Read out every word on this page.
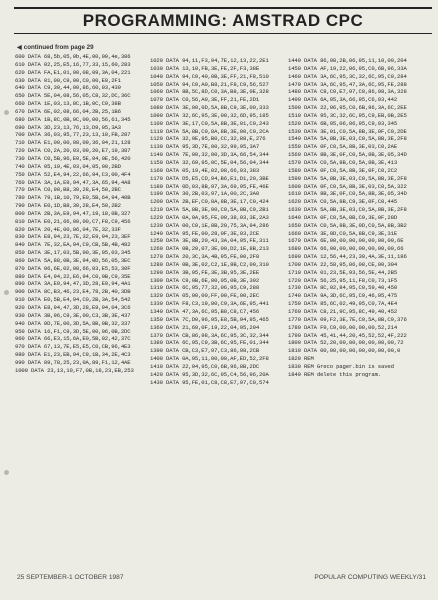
PROGRAMMING: AMSTRAD CPC
◀ continued from page 29
600 DATA 68,5b,05,0b,4E,00,00,4e,386
610 DATA 02,25,E5,16,77,33,15,60,283
620 DATA FA,E1,01,00,08,09,3A,04,221
630 DATA 01,00,C9,00,C0,00,E9,2F1
640 DATA C9,30,44,00,86,60,03,439
650 DATA 5E,04,08,56,05,C8,32,DC,36C
660 DATA 1E,03,13,8C,1B,0C,C9,38B
670 DATA 6E,02,08,66,04,2B,25,1B6
680 DATA 1B,8C,0B,9C,00,00,56,61,345
690 DATA 3D,23,13,76,13,D9,05,3A3
700 DATA 36,03,95,77,23,13,10,FB,287
710 DATA E1,00,00,08,09,36,04,21,128
720 DATA C0,2A,20,03,09,20,E7,19,387
730 DATA C0,5B,96,E0,5E,04,0E,56,420
740 DATA 05,19,4E,03,04,05,00,2BD
750 DATA 52,E4,94,22,66,94,C3,00,4F4
760 DATA 3A,1A,E9,94,47,3A,65,94,4A8
770 DATA C0,90,B8,30,28,E4,50,2BC
780 DATA 79,1B,10,79,E0,5B,64,94,40B
790 DATA E0,1D,B8,30,28,E4,50,2B2
800 DATA 2B,3A,E9,94,47,19,18,0B,327
810 DATA E0,21,66,00,00,C7,F8,C9,456
820 DATA 20,4E,00,06,04,7E,32,33F
830 DATA E8,94,23,7E,32,E9,94,23,3EF
840 DATA 7E,32,EA,94,C9,CB,5B,4B,482
850 DATA 3E,17,03,5B,00,3E,05,03,345
860 DATA 5A,88,0B,3E,94,0D,56,05,3EC
870 DATA 06,6E,02,08,66,03,E5,53,30F
880 DATA E4,94,22,E6,94,C0,0B,C9,35E
890 DATA 3A,E9,94,47,3D,28,E9,94,4A1
900 DATA 8C,B3,46,23,E4,78,2B,40,3DB
910 DATA E0,5B,E4,94,C0,2B,3A,54,542
920 DATA E8,94,47,3D,28,E9,94,04,3C6
930 DATA 3B,96,C9,3E,00,C3,3B,3E,437
940 DATA 0D,7E,00,3D,5A,8B,0B,32,337
950 DATA 16,F1,C9,3D,5E,00,06,0B,2DC
960 DATA 66,E3,15,6A,E0,5B,02,42,37C
970 DATA 67,13,7E,E5,E5,C0,CB,96,4E3
980 DATA E1,23,EB,94,C9,1B,34,2E,4C3
990 DATA 89,78,25,23,0A,89,F1,12,4AE
1000 DATA 23,13,10,F7,0B,18,23,EB,253
1020 DATA 94,11,F3,94,7E,12,13,22,2E1
1030 DATA 13,10,FB,3E,FE,2F,F3,38E
1040 DATA 94,C0,40,0B,3E,FF,21,F8,510
1050 DATA 94,C0,A0,B8,21,F8,C9,56,527
1060 DATA 8B,5C,8D,C0,3A,B8,3E,0E,328
1070 DATA C0,56,A0,3E,FF,21,FE,2D1
1080 DATA 3E,00,0D,5A,8B,C9,3E,00,333
1090 DATA 32,6C,95,3E,00,32,6D,95,185
1100 DATA 3E,17,C0,5A,8B,3E,01,C0,243
1110 DATA 5A,8B,C0,8A,8B,3E,00,C0,2CA
1120 DATA 32,0E,95,B0,CC,32,88,E,276
1130 DATA 95,3D,7E,00,32,99,95,3A7
1140 DATA 7E,00,32,00,3D,3A,66,54,344
1150 DATA 32,69,95,0C,5E,04,56,04,344
1160 DATA 05,19,4E,02,08,66,03,383
1170 DATA D5,E5,CD,94,B6,E1,D1,20,3BE
1180 DATA 0D,03,8B,97,3A,69,95,FE,46E
1190 DATA 30,2B,03,97,1A,00,2C,3A0
1200 DATA 2B,EF,C0,8A,8B,3E,17,C0,424
1210 DATA 5A,8B,3E,00,C0,5A,8B,C9,2B1
1220 DATA 0A,0A,95,FE,00,38,03,3E,2A3
1230 DATA 00,C0,1E,8B,20,75,3A,94,286
1240 DATA 95,FE,00,28,0F,3E,03,2CE
1250 DATA 3E,8B,20,43,3A,04,95,FE,311
1260 DATA 0B,20,07,3E,00,D2,1E,8B,213
1270 DATA 20,3C,3A,4B,95,FE,00,2F8
1280 DATA 0B,3E,02,C2,1E,8B,C2,00,310
1290 DATA 3B,95,FE,3E,3B,95,3E,2EE
1300 DATA C9,0B,6E,00,05,0B,3E,392
1310 DATA 6C,95,77,32,06,95,C9,288
1320 DATA 05,00,00,FF,00,FE,00,2EC
1330 DATA F8,C3,19,80,C9,3A,6E,95,441
1340 DATA 47,3A,6C,95,B8,C8,C7,456
1350 DATA 7C,D0,96,95,E8,5B,94,95,465
1360 DATA 21,60,0F,19,22,04,95,204
1370 DATA CB,86,98,3A,6C,95,3C,32,344
1380 DATA 6C,95,C9,3B,6C,95,FE,01,344
1390 DATA CB,C3,E7,97,C3,86,98,2CB
1400 DATA 0A,95,11,00,00,AF,ED,52,2F8
1410 DATA 22,04,95,C0,6B,96,8B,2DC
1420 DATA 95,3D,32,6C,95,C4,56,96,20A
1430 DATA 95,FE,01,C8,C8,E7,97,C0,574
1440 DATA 86,98,2B,06,95,11,10,00,204
1450 DATA AF,19,22,06,95,C0,6B,96,33A
1460 DATA 3A,6C,95,3C,32,6C,95,C9,284
1470 DATA 3A,6C,95,47,3A,6C,95,FE,288
1480 DATA C8,C0,E7,97,C0,86,98,3A,328
1490 DATA 6A,95,3A,66,95,C6,03,442
1500 DATA 22,06,95,C0,6B,96,3A,6C,2EE
1510 DATA 95,3C,32,6C,95,C9,EB,0B,2E5
1520 DATA 6B,95,06,06,95,C9,03,345
1530 DATA 3E,01,C0,5A,8B,3E,0F,C0,2DE
1540 DATA 5A,8B,3E,03,C0,5A,8B,3E,2F8
1550 DATA 0F,C0,5A,8B,3E,03,C0,2AE
1560 DATA 8B,3E,0F,C0,5A,8B,3E,05,34D
1570 DATA C0,5A,8B,C0,5A,8B,3E,413
1580 DATA 0F,C0,5A,8B,3E,0F,C0,2C2
1590 DATA 5A,8B,3E,03,C0,5A,8B,3E,2F8
1600 DATA 0F,C0,5A,8B,3E,03,C0,5A,322
1610 DATA 8B,3E,0F,C0,5A,8B,3E,05,34D
1620 DATA C0,5A,8B,C9,3E,0F,C0,445
1630 DATA 5A,8B,3E,03,C0,5A,8B,3E,2F8
1640 DATA 0F,C0,5A,8B,C9,3E,0F,28D
1650 DATA C0,5A,8B,3E,0D,C0,5A,8B,3B2
1660 DATA 3E,0D,C0,5A,8B,C9,3E,31E
1670 DATA 6E,00,00,00,00,00,00,00,6E
1680 DATA 66,00,00,00,00,00,00,00,66
1690 DATA 12,56,44,23,30,4A,3E,11,186
1700 DATA 22,58,95,06,08,CE,00,304
1710 DATA 01,23,5E,93,56,5E,44,2B5
1720 DATA 56,25,95,11,F8,C0,73,1F5
1730 DATA 8C,02,84,95,C0,59,40,450
1740 DATA 9A,3D,6C,95,C9,46,95,475
1750 DATA 85,6C,02,49,95,C0,7A,4E4
1760 DATA C8,21,9C,95,8C,49,40,452
1770 DATA 09,F2,3E,7E,C0,5A,8B,C9,376
1780 DATA F9,C9,00,00,00,00,52,214
1790 DATA 45,41,44,20,45,52,52,4F,222
1800 DATA 52,20,00,00,00,00,00,00,72
1810 DATA 00,00,00,00,00,00,00,00,0
1820 REM
1830 REM Greco pager.bin is saved
1840 REM delete this program.
25 SEPTEMBER-1 OCTOBER 1987	POPULAR COMPUTING WEEKLY/31
